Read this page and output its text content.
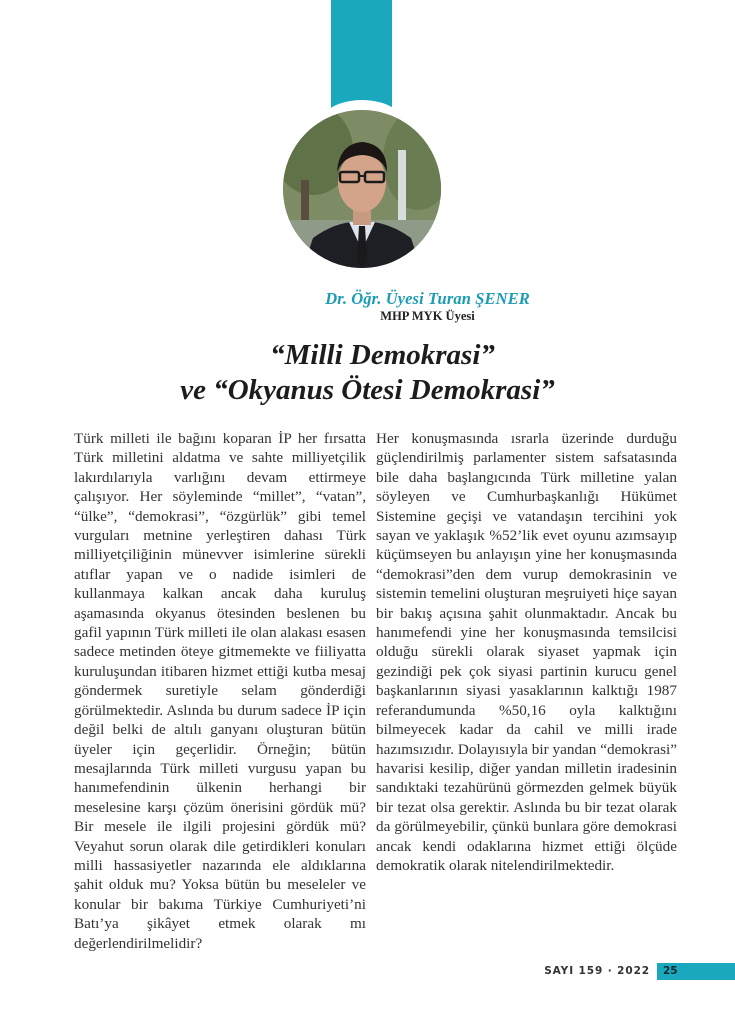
Dr. Öğr. Üyesi Turan ŞENER
MHP MYK Üyesi
“Milli Demokrasi”
ve “Okyanus Ötesi Demokrasi”

Türk milleti ile bağını koparan İP her fırsatta Türk milletini aldatma ve sahte milliyetçilik lakırdılarıyla varlığını devam ettirmeye çalışıyor. Her söyleminde “millet”, “vatan”, “ülke”, “demokrasi”, “özgürlük” gibi temel vurguları metnine yerleştiren dahası Türk milliyetçiliğinin münevver isimlerine sürekli atıflar yapan ve o nadide isimleri de kullanmaya kalkan ancak daha kuruluş aşamasında okyanus ötesinden beslenen bu gafil yapının Türk milleti ile olan alakası esasen sadece metinden öteye gitmemekte ve fiiliyatta kuruluşundan itibaren hizmet ettiği kutba mesaj göndermek suretiyle selam gönderdiği görülmektedir. Aslında bu durum sadece İP için değil belki de altılı ganyanı oluşturan bütün üyeler için geçerlidir. Örneğin; bütün mesajlarında Türk milleti vurgusu yapan bu hanımefendinin ülkenin herhangi bir meselesine karşı çözüm önerisini gördük mü? Bir mesele ile ilgili projesini gördük mü? Veyahut sorun olarak dile getirdikleri konuları milli hassasiyetler nazarında ele aldıklarına şahit olduk mu? Yoksa bütün bu meseleler ve konular bir bakıma Türkiye Cumhuriyeti’ni Batı’ya şikâyet etmek olarak mı değerlendirilmelidir?

Her konuşmasında ısrarla üzerinde durduğu güçlendirilmiş parlamenter sistem safsatasında bile daha başlangıcında Türk milletine yalan söyleyen ve Cumhurbaşkanlığı Hükümet Sistemine geçişi ve vatandaşın tercihini yok sayan ve yaklaşık %52’lik evet oyunu azımsayıp küçümseyen bu anlayışın yine her konuşmasında “demokrasi”den dem vurup demokrasinin ve sistemin temelini oluşturan meşruiyeti hiçe sayan bir bakış açısına şahit olunmaktadır. Ancak bu hanımefendi yine her konuşmasında temsilcisi olduğu sürekli olarak siyaset yapmak için gezindiği pek çok siyasi partinin kurucu genel başkanlarının siyasi yasaklarının kalktığı 1987 referandumunda %50,16 oyla kalktığını bilmeyecek kadar da cahil ve milli irade hazımsızıdır. Dolayısıyla bir yandan “demokrasi” havarisi kesilip, diğer yandan milletin iradesinin sandıktaki tezahürünü görmezden gelmek büyük bir tezat olsa gerektir. Aslında bu bir tezat olarak da görülmeyebilir, çünkü bunlara göre demokrasi ancak kendi odaklarına hizmet ettiği ölçüde demokratik olarak nitelendirilmektedir.

SAYI 159 · 2022 25
